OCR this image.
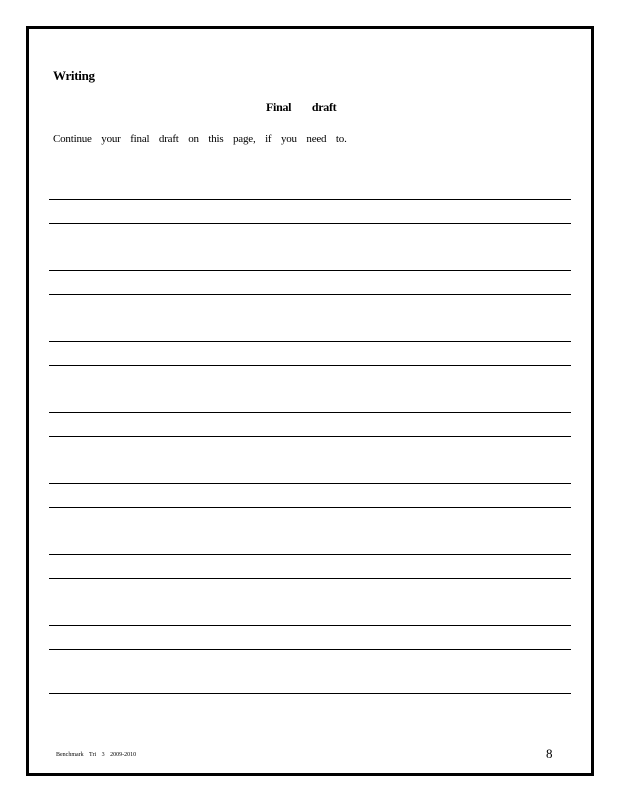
Writing
Final draft
Continue your final draft on this page, if you need to.
Benchmark Tri 3 2009-2010	8
